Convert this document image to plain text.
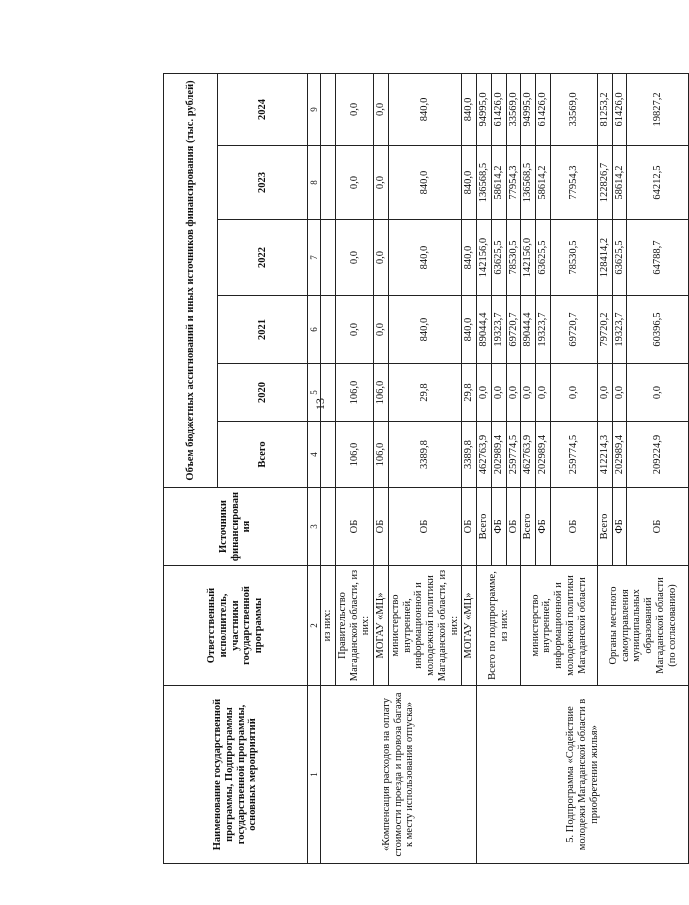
13
Наименование государственной программы, Подпрограммы государственной программы, основных мероприятий	Ответственный исполнитель, участники государственной программы	Источники финансирован ия	Объем бюджетных ассигнований и иных источников финансирования (тыс. рублей)					
			Всего	2020	2021	2022	2023	2024
1	2	3	4	5	6	7	8	9
«Компенсация расходов на оплату стоимости проезда и провоза багажа к месту использования отпуска»	из них:							
	Правительство Магаданской области, из них:	ОБ	106,0	106,0	0,0	0,0	0,0	0,0
	МОГАУ «МЦ»	ОБ	106,0	106,0	0,0	0,0	0,0	0,0
	министерство внутренней, информационной и молодежной политики Магаданской области, из них:	ОБ	3389,8	29,8	840,0	840,0	840,0	840,0
	МОГАУ «МЦ»	ОБ	3389,8	29,8	840,0	840,0	840,0	840,0
5. Подпрограмма «Содействие молодежи Магаданской области в приобретении жилья»	Всего по подпрограмме, из них:	Всего	462763,9	0,0	89044,4	142156,0	136568,5	94995,0
		ФБ	202989,4	0,0	19323,7	63625,5	58614,2	61426,0
		ОБ	259774,5	0,0	69720,7	78530,5	77954,3	33569,0
	министерство внутренней, информационной и молодежной политики Магаданской области	Всего	462763,9	0,0	89044,4	142156,0	136568,5	94995,0
		ФБ	202989,4	0,0	19323,7	63625,5	58614,2	61426,0
		ОБ	259774,5	0,0	69720,7	78530,5	77954,3	33569,0
	Органы местного самоуправления муниципальных образований Магаданской области (по согласованию)	Всего	412214,3	0,0	79720,2	128414,2	122826,7	81253,2
		ФБ	202989,4	0,0	19323,7	63625,5	58614,2	61426,0
		ОБ	209224,9	0,0	60396,5	64788,7	64212,5	19827,2
